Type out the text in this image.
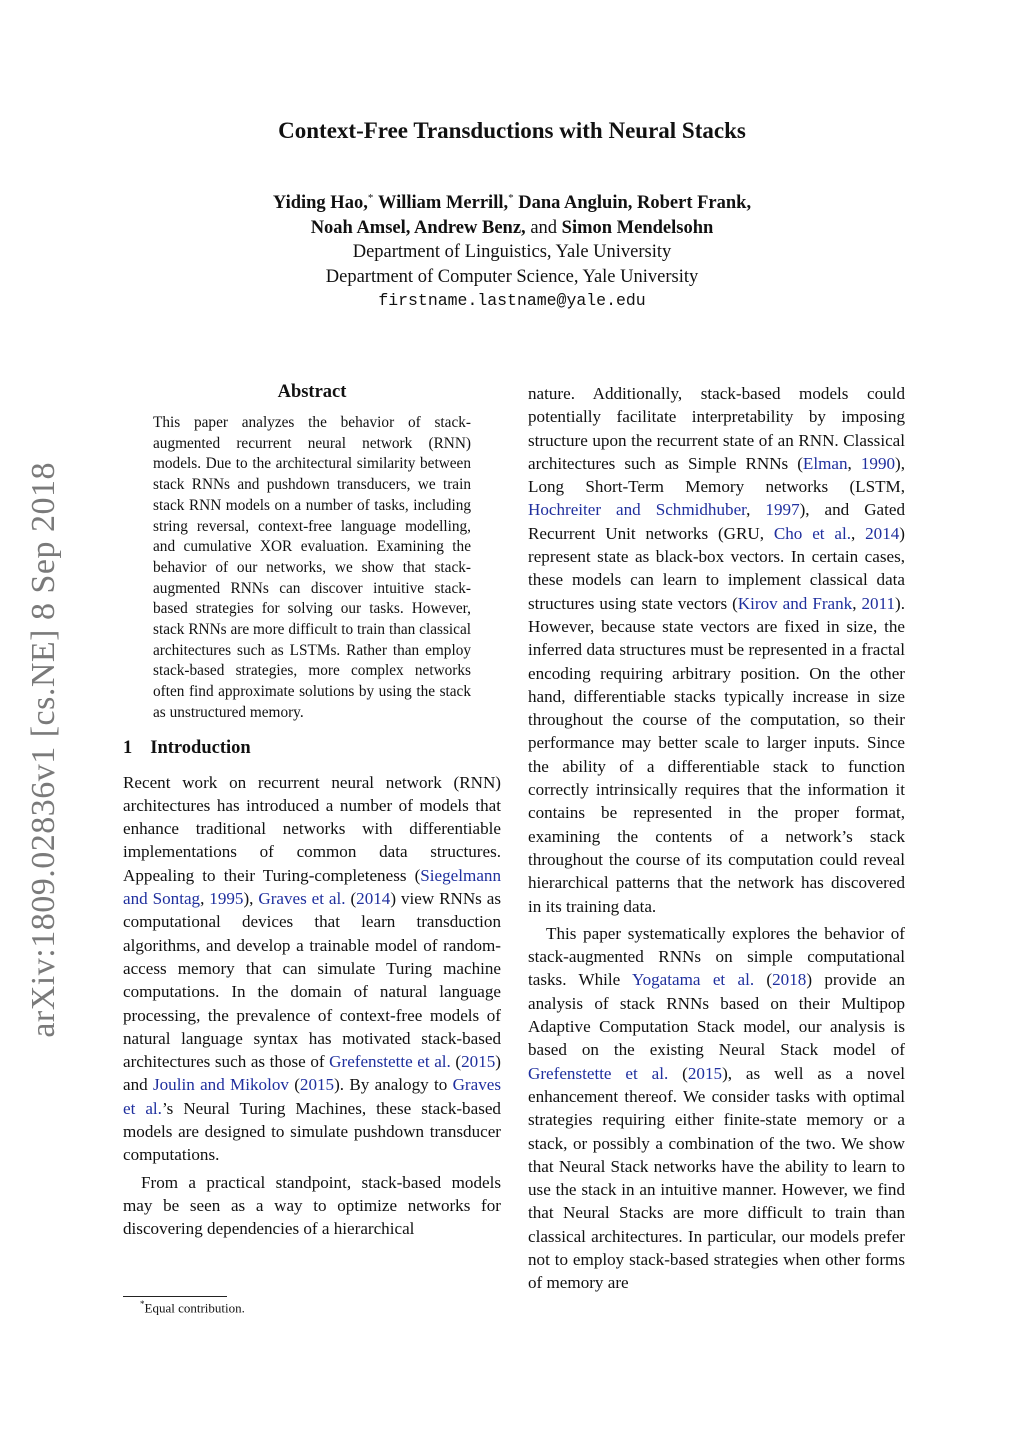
arXiv:1809.02836v1 [cs.NE] 8 Sep 2018
Context-Free Transductions with Neural Stacks
Yiding Hao,* William Merrill,* Dana Angluin, Robert Frank,
Noah Amsel, Andrew Benz, and Simon Mendelsohn
Department of Linguistics, Yale University
Department of Computer Science, Yale University
firstname.lastname@yale.edu
Abstract

This paper analyzes the behavior of stack-augmented recurrent neural network (RNN) models. Due to the architectural similarity between stack RNNs and pushdown transducers, we train stack RNN models on a number of tasks, including string reversal, context-free language modelling, and cumulative XOR evaluation. Examining the behavior of our networks, we show that stack-augmented RNNs can discover intuitive stack-based strategies for solving our tasks. However, stack RNNs are more difficult to train than classical architectures such as LSTMs. Rather than employ stack-based strategies, more complex networks often find approximate solutions by using the stack as unstructured memory.

1 Introduction

Recent work on recurrent neural network (RNN) architectures has introduced a number of models that enhance traditional networks with differentiable implementations of common data structures. Appealing to their Turing-completeness (Siegelmann and Sontag, 1995), Graves et al. (2014) view RNNs as computational devices that learn transduction algorithms, and develop a trainable model of random-access memory that can simulate Turing machine computations. In the domain of natural language processing, the prevalence of context-free models of natural language syntax has motivated stack-based architectures such as those of Grefenstette et al. (2015) and Joulin and Mikolov (2015). By analogy to Graves et al.’s Neural Turing Machines, these stack-based models are designed to simulate pushdown transducer computations.

From a practical standpoint, stack-based models may be seen as a way to optimize networks for discovering dependencies of a hierarchical

nature. Additionally, stack-based models could potentially facilitate interpretability by imposing structure upon the recurrent state of an RNN. Classical architectures such as Simple RNNs (Elman, 1990), Long Short-Term Memory networks (LSTM, Hochreiter and Schmidhuber, 1997), and Gated Recurrent Unit networks (GRU, Cho et al., 2014) represent state as black-box vectors. In certain cases, these models can learn to implement classical data structures using state vectors (Kirov and Frank, 2011). However, because state vectors are fixed in size, the inferred data structures must be represented in a fractal encoding requiring arbitrary position. On the other hand, differentiable stacks typically increase in size throughout the course of the computation, so their performance may better scale to larger inputs. Since the ability of a differentiable stack to function correctly intrinsically requires that the information it contains be represented in the proper format, examining the contents of a network’s stack throughout the course of its computation could reveal hierarchical patterns that the network has discovered in its training data.

This paper systematically explores the behavior of stack-augmented RNNs on simple computational tasks. While Yogatama et al. (2018) provide an analysis of stack RNNs based on their Multipop Adaptive Computation Stack model, our analysis is based on the existing Neural Stack model of Grefenstette et al. (2015), as well as a novel enhancement thereof. We consider tasks with optimal strategies requiring either finite-state memory or a stack, or possibly a combination of the two. We show that Neural Stack networks have the ability to learn to use the stack in an intuitive manner. However, we find that Neural Stacks are more difficult to train than classical architectures. In particular, our models prefer not to employ stack-based strategies when other forms of memory are

*Equal contribution.
